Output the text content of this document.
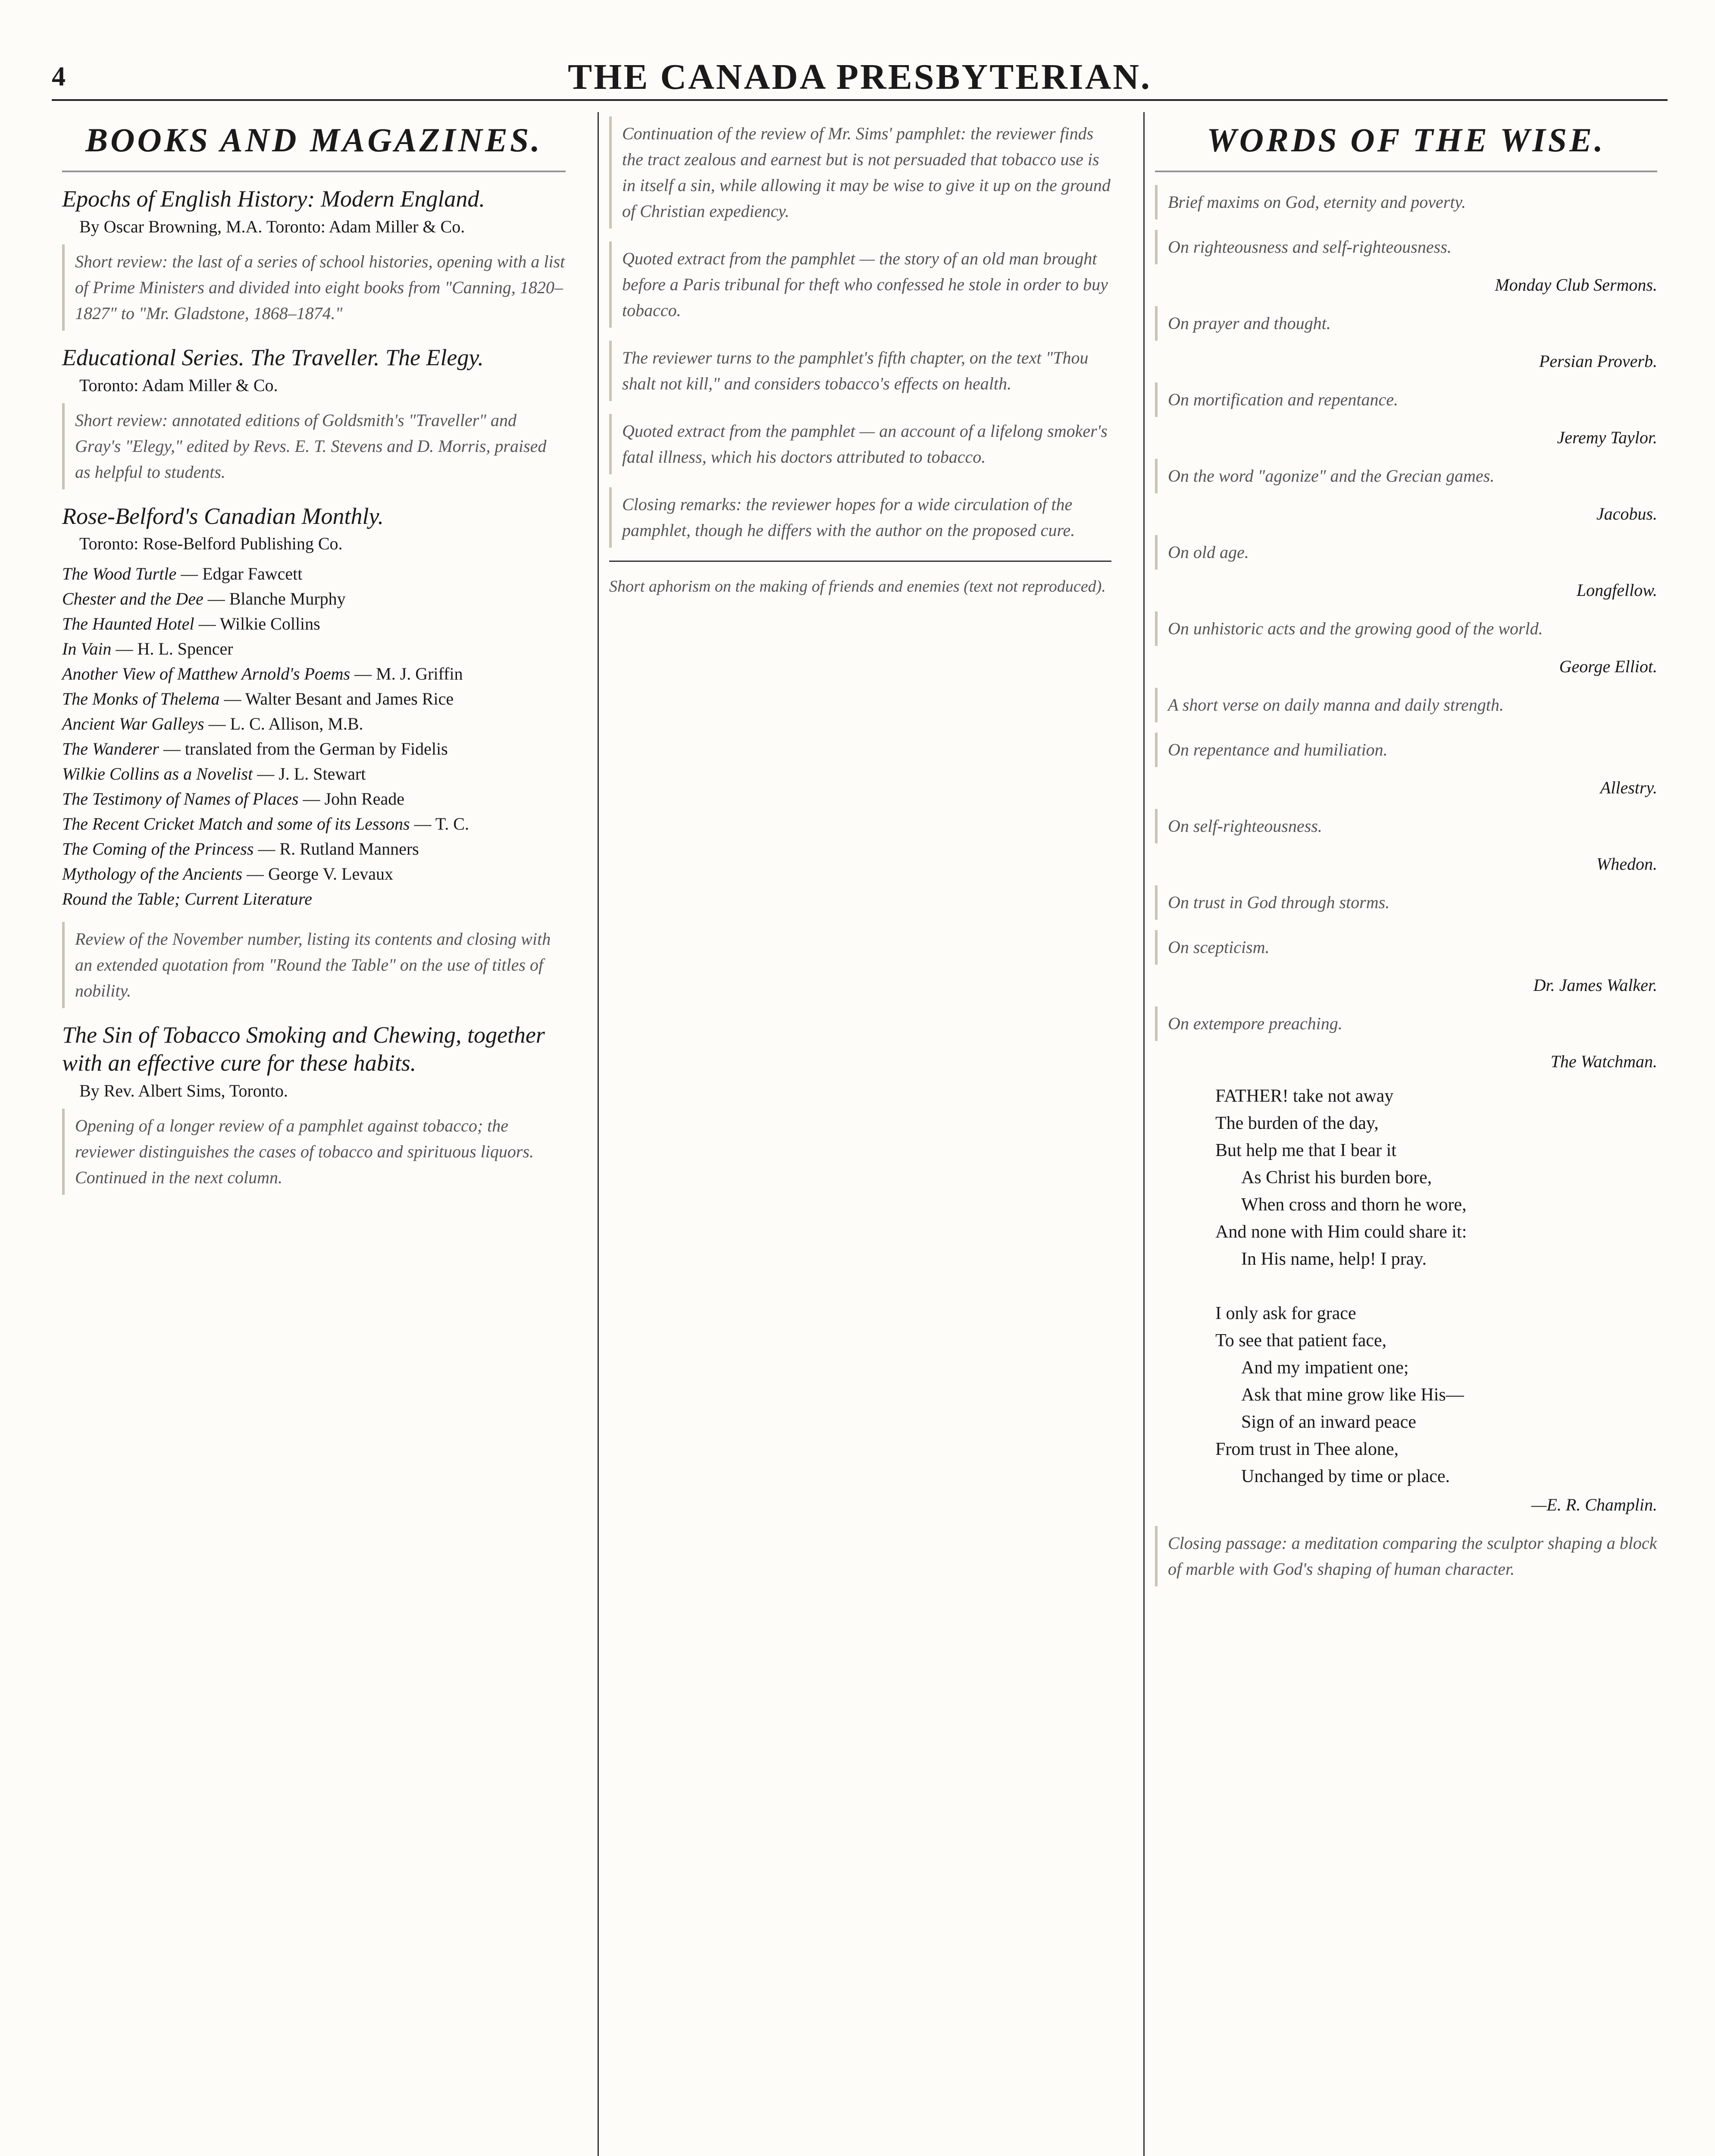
4	THE CANADA PRESBYTERIAN.
BOOKS AND MAGAZINES.
Epochs of English History: Modern England.
By Oscar Browning, M.A. Toronto: Adam Miller & Co.
Short review: the last of a series of school histories, opening with a list of Prime Ministers and divided into eight books from "Canning, 1820–1827" to "Mr. Gladstone, 1868–1874."
Educational Series. The Traveller. The Elegy.
Toronto: Adam Miller & Co.
Short review: annotated editions of Goldsmith's "Traveller" and Gray's "Elegy," edited by Revs. E. T. Stevens and D. Morris, praised as helpful to students.
Rose-Belford's Canadian Monthly.
Toronto: Rose-Belford Publishing Co.
The Wood Turtle — Edgar Fawcett
Chester and the Dee — Blanche Murphy
The Haunted Hotel — Wilkie Collins
In Vain — H. L. Spencer
Another View of Matthew Arnold's Poems — M. J. Griffin
The Monks of Thelema — Walter Besant and James Rice
Ancient War Galleys — L. C. Allison, M.B.
The Wanderer — translated from the German by Fidelis
Wilkie Collins as a Novelist — J. L. Stewart
The Testimony of Names of Places — John Reade
The Recent Cricket Match and some of its Lessons — T. C.
The Coming of the Princess — R. Rutland Manners
Mythology of the Ancients — George V. Levaux
Round the Table; Current Literature
Review of the November number, listing its contents and closing with an extended quotation from "Round the Table" on the use of titles of nobility.
The Sin of Tobacco Smoking and Chewing, together with an effective cure for these habits.
By Rev. Albert Sims, Toronto.
Opening of a longer review of a pamphlet against tobacco; the reviewer distinguishes the cases of tobacco and spirituous liquors. Continued in the next column.
Continuation of the review of Mr. Sims' pamphlet: the reviewer finds the tract zealous and earnest but is not persuaded that tobacco use is in itself a sin, while allowing it may be wise to give it up on the ground of Christian expediency.
Quoted extract from the pamphlet — the story of an old man brought before a Paris tribunal for theft who confessed he stole in order to buy tobacco.
The reviewer turns to the pamphlet's fifth chapter, on the text "Thou shalt not kill," and considers tobacco's effects on health.
Quoted extract from the pamphlet — an account of a lifelong smoker's fatal illness, which his doctors attributed to tobacco.
Closing remarks: the reviewer hopes for a wide circulation of the pamphlet, though he differs with the author on the proposed cure.
Short aphorism on the making of friends and enemies (text not reproduced).
WORDS OF THE WISE.
Brief maxims on God, eternity and poverty.
On righteousness and self-righteousness.
Monday Club Sermons.
On prayer and thought.
Persian Proverb.
On mortification and repentance.
Jeremy Taylor.
On the word "agonize" and the Grecian games.
Jacobus.
On old age.
Longfellow.
On unhistoric acts and the growing good of the world.
George Elliot.
A short verse on daily manna and daily strength.
On repentance and humiliation.
Allestry.
On self-righteousness.
Whedon.
On trust in God through storms.
On scepticism.
Dr. James Walker.
On extempore preaching.
The Watchman.
FATHER! take not away
The burden of the day,
But help me that I bear it
As Christ his burden bore,
When cross and thorn he wore,
And none with Him could share it:
In His name, help! I pray.

I only ask for grace
To see that patient face,
And my impatient one;
Ask that mine grow like His—
Sign of an inward peace
From trust in Thee alone,
Unchanged by time or place.
—E. R. Champlin.
Closing passage: a meditation comparing the sculptor shaping a block of marble with God's shaping of human character.
